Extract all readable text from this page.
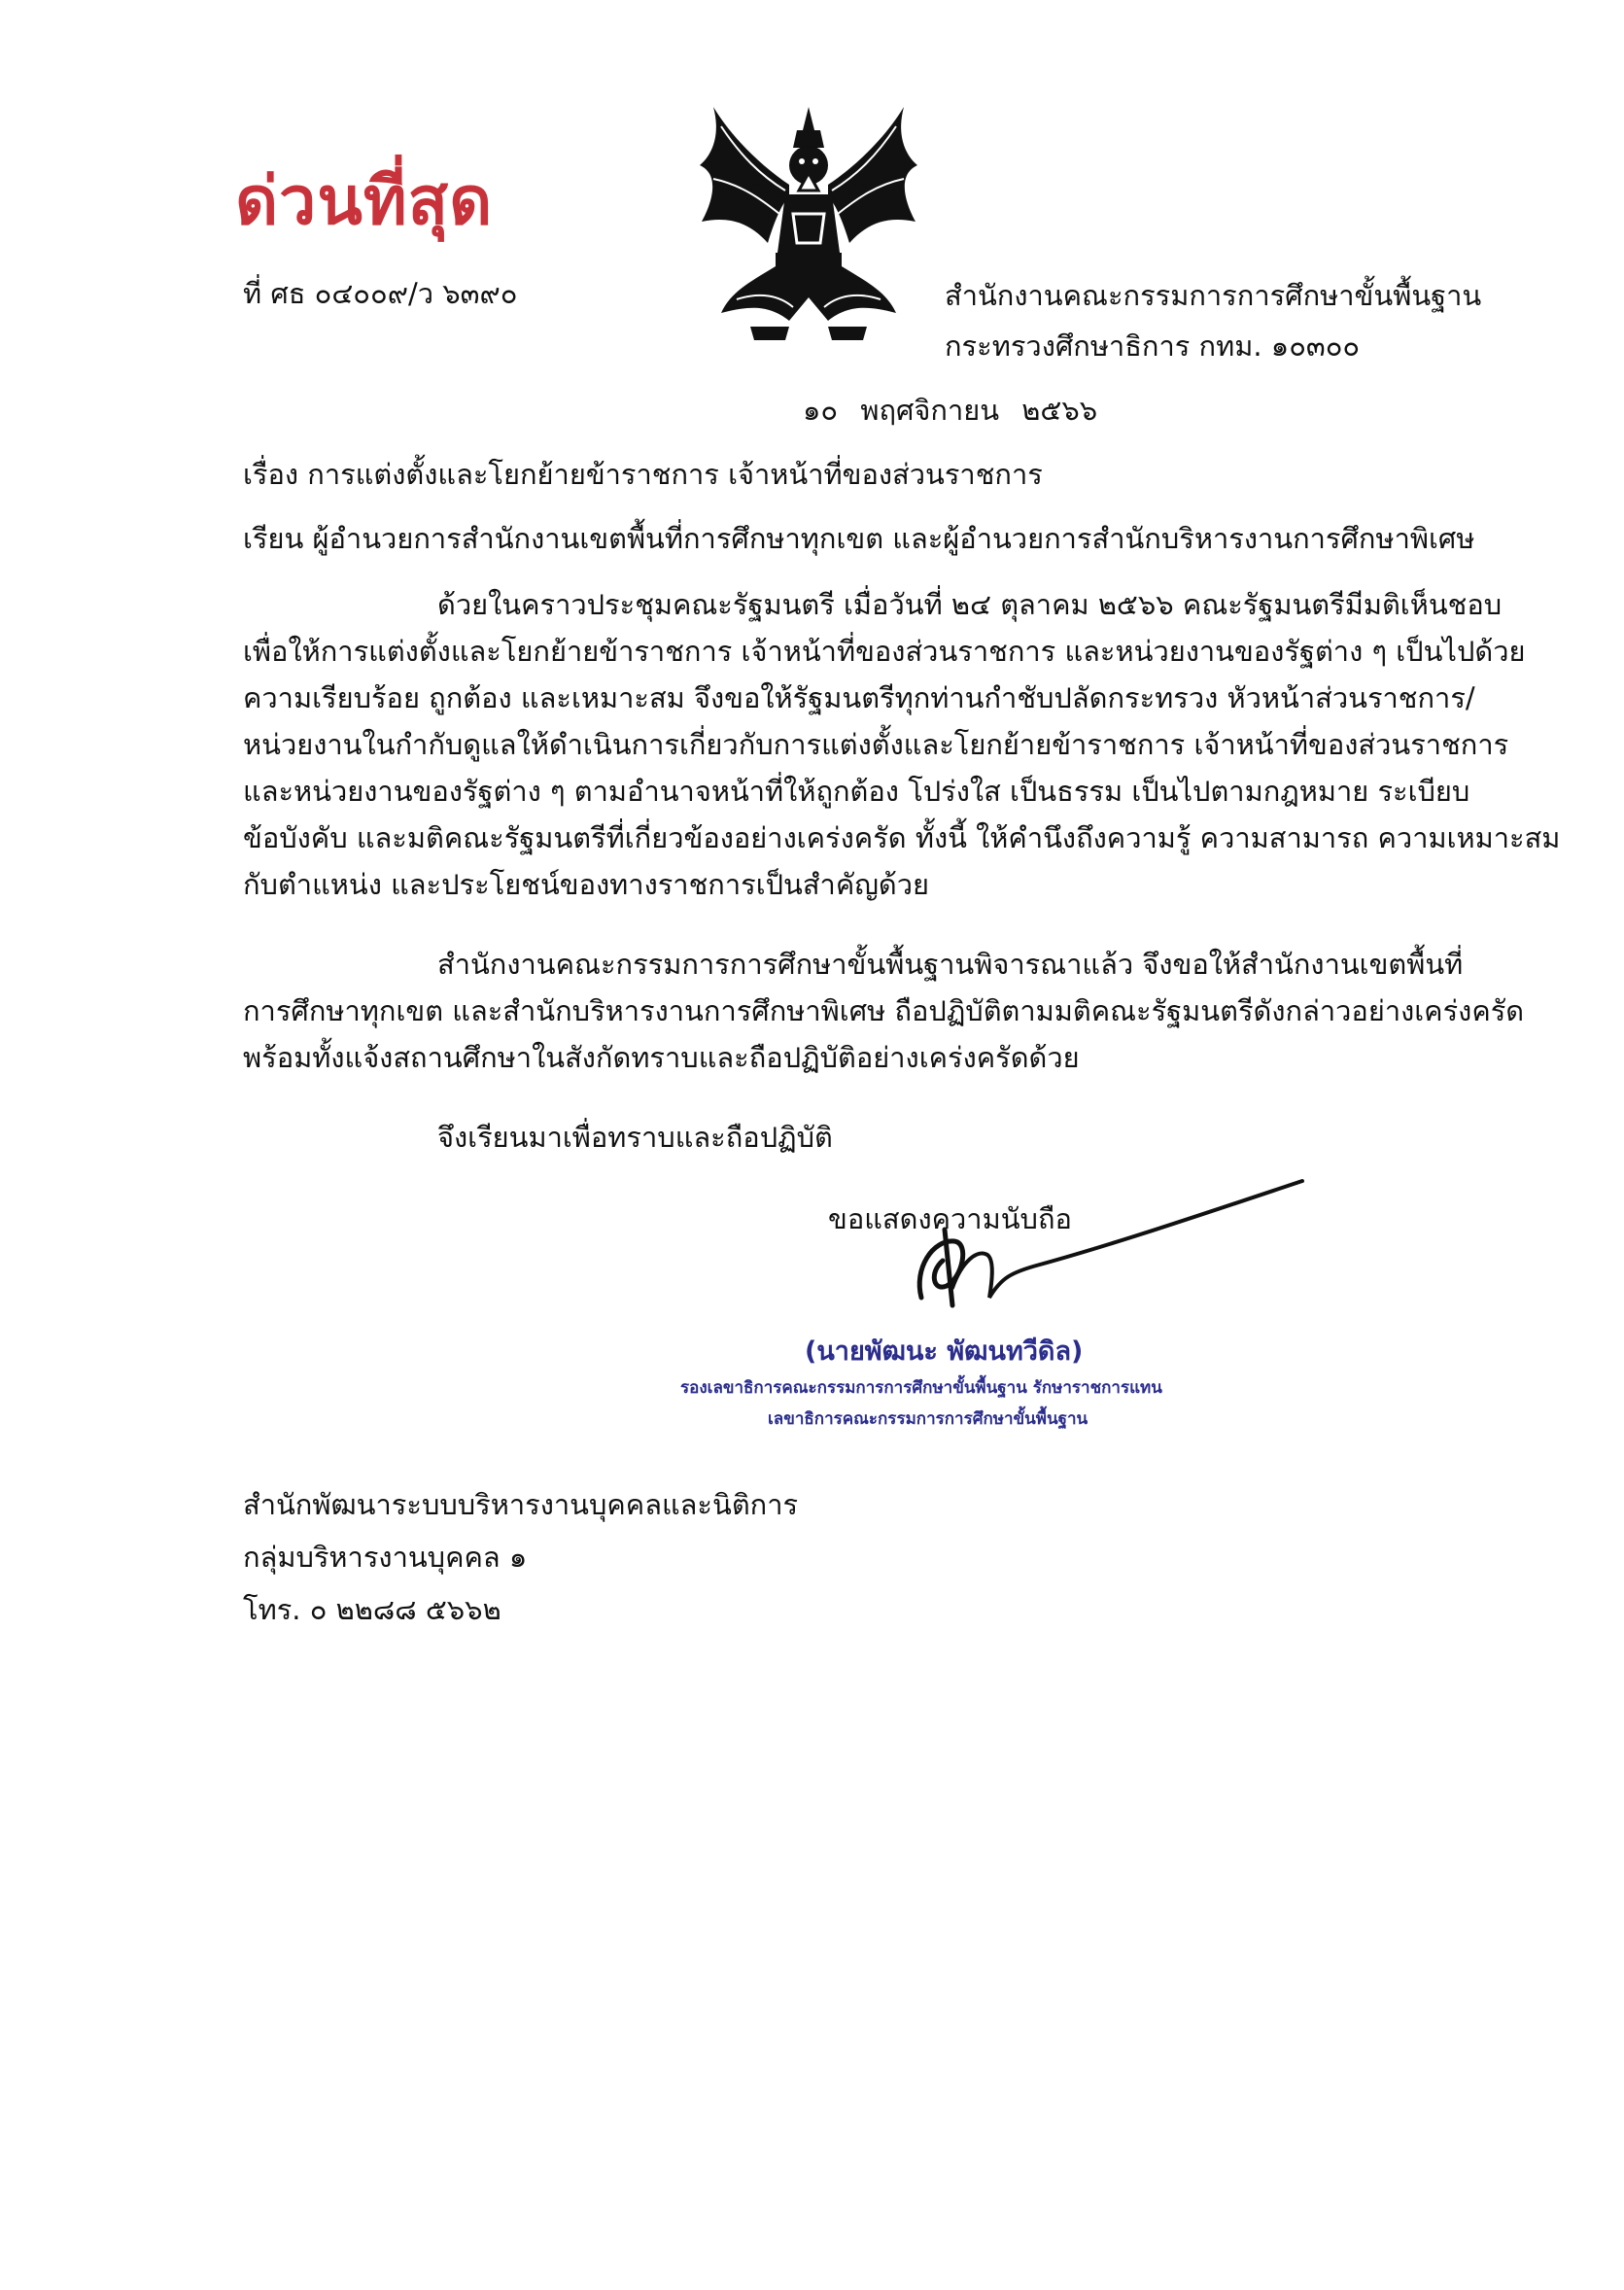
ด่วนที่สุด
ที่ ศธ ๐๔๐๐๙/ว ๖๓๙๐	สำนักงานคณะกรรมการการศึกษาขั้นพื้นฐาน
กระทรวงศึกษาธิการ กทม. ๑๐๓๐๐
๑๐ พฤศจิกายน ๒๕๖๖
เรื่อง การแต่งตั้งและโยกย้ายข้าราชการ เจ้าหน้าที่ของส่วนราชการ
เรียน ผู้อำนวยการสำนักงานเขตพื้นที่การศึกษาทุกเขต และผู้อำนวยการสำนักบริหารงานการศึกษาพิเศษ
ด้วยในคราวประชุมคณะรัฐมนตรี เมื่อวันที่ ๒๔ ตุลาคม ๒๕๖๖ คณะรัฐมนตรีมีมติเห็นชอบ
เพื่อให้การแต่งตั้งและโยกย้ายข้าราชการ เจ้าหน้าที่ของส่วนราชการ และหน่วยงานของรัฐต่าง ๆ เป็นไปด้วย
ความเรียบร้อย ถูกต้อง และเหมาะสม จึงขอให้รัฐมนตรีทุกท่านกำชับปลัดกระทรวง หัวหน้าส่วนราชการ/
หน่วยงานในกำกับดูแลให้ดำเนินการเกี่ยวกับการแต่งตั้งและโยกย้ายข้าราชการ เจ้าหน้าที่ของส่วนราชการ
และหน่วยงานของรัฐต่าง ๆ ตามอำนาจหน้าที่ให้ถูกต้อง โปร่งใส เป็นธรรม เป็นไปตามกฎหมาย ระเบียบ
ข้อบังคับ และมติคณะรัฐมนตรีที่เกี่ยวข้องอย่างเคร่งครัด ทั้งนี้ ให้คำนึงถึงความรู้ ความสามารถ ความเหมาะสม
กับตำแหน่ง และประโยชน์ของทางราชการเป็นสำคัญด้วย
สำนักงานคณะกรรมการการศึกษาขั้นพื้นฐานพิจารณาแล้ว จึงขอให้สำนักงานเขตพื้นที่
การศึกษาทุกเขต และสำนักบริหารงานการศึกษาพิเศษ ถือปฏิบัติตามมติคณะรัฐมนตรีดังกล่าวอย่างเคร่งครัด
พร้อมทั้งแจ้งสถานศึกษาในสังกัดทราบและถือปฏิบัติอย่างเคร่งครัดด้วย
จึงเรียนมาเพื่อทราบและถือปฏิบัติ
ขอแสดงความนับถือ
(นายพัฒนะ พัฒนทวีดิล)
รองเลขาธิการคณะกรรมการการศึกษาขั้นพื้นฐาน รักษาราชการแทน
เลขาธิการคณะกรรมการการศึกษาขั้นพื้นฐาน
สำนักพัฒนาระบบบริหารงานบุคคลและนิติการ
กลุ่มบริหารงานบุคคล ๑
โทร. ๐ ๒๒๘๘ ๕๖๖๒
